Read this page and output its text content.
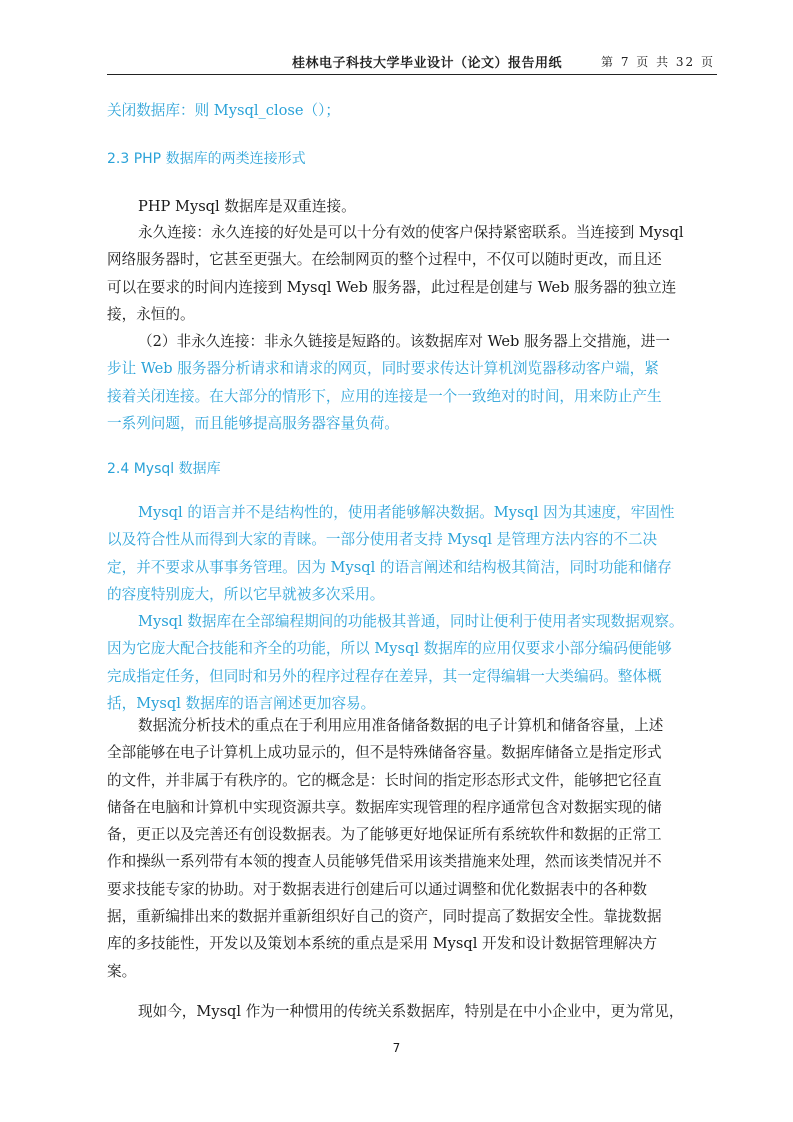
桂林电子科技大学毕业设计（论文）报告用纸	第 7 页 共 32 页
关闭数据库：则 Mysql_close（）；
2.3 PHP 数据库的两类连接形式
PHP Mysql 数据库是双重连接。
永久连接：永久连接的好处是可以十分有效的使客户保持紧密联系。当连接到 Mysql
网络服务器时，它甚至更强大。在绘制网页的整个过程中，不仅可以随时更改，而且还
可以在要求的时间内连接到 Mysql Web 服务器，此过程是创建与 Web 服务器的独立连
接，永恒的。
（2）非永久连接：非永久链接是短路的。该数据库对 Web 服务器上交措施，进一
步让 Web 服务器分析请求和请求的网页，同时要求传达计算机浏览器移动客户端，紧
接着关闭连接。在大部分的情形下，应用的连接是一个一致绝对的时间，用来防止产生
一系列问题，而且能够提高服务器容量负荷。
2.4 Mysql 数据库
Mysql 的语言并不是结构性的，使用者能够解决数据。Mysql 因为其速度，牢固性
以及符合性从而得到大家的青睐。一部分使用者支持 Mysql 是管理方法内容的不二决
定，并不要求从事事务管理。因为 Mysql 的语言阐述和结构极其简洁，同时功能和储存
的容度特别庞大，所以它早就被多次采用。
Mysql 数据库在全部编程期间的功能极其普通，同时让便利于使用者实现数据观察。
因为它庞大配合技能和齐全的功能，所以 Mysql 数据库的应用仅要求小部分编码便能够
完成指定任务，但同时和另外的程序过程存在差异，其一定得编辑一大类编码。整体概
括，Mysql 数据库的语言阐述更加容易。
数据流分析技术的重点在于利用应用准备储备数据的电子计算机和储备容量，上述
全部能够在电子计算机上成功显示的，但不是特殊储备容量。数据库储备立是指定形式
的文件，并非属于有秩序的。它的概念是：长时间的指定形态形式文件，能够把它径直
储备在电脑和计算机中实现资源共享。数据库实现管理的程序通常包含对数据实现的储
备，更正以及完善还有创设数据表。为了能够更好地保证所有系统软件和数据的正常工
作和操纵一系列带有本领的搜查人员能够凭借采用该类措施来处理，然而该类情况并不
要求技能专家的协助。对于数据表进行创建后可以通过调整和优化数据表中的各种数
据，重新编排出来的数据并重新组织好自己的资产，同时提高了数据安全性。靠拢数据
库的多技能性，开发以及策划本系统的重点是采用 Mysql 开发和设计数据管理解决方
案。
现如今，Mysql 作为一种惯用的传统关系数据库，特别是在中小企业中，更为常见，
7
